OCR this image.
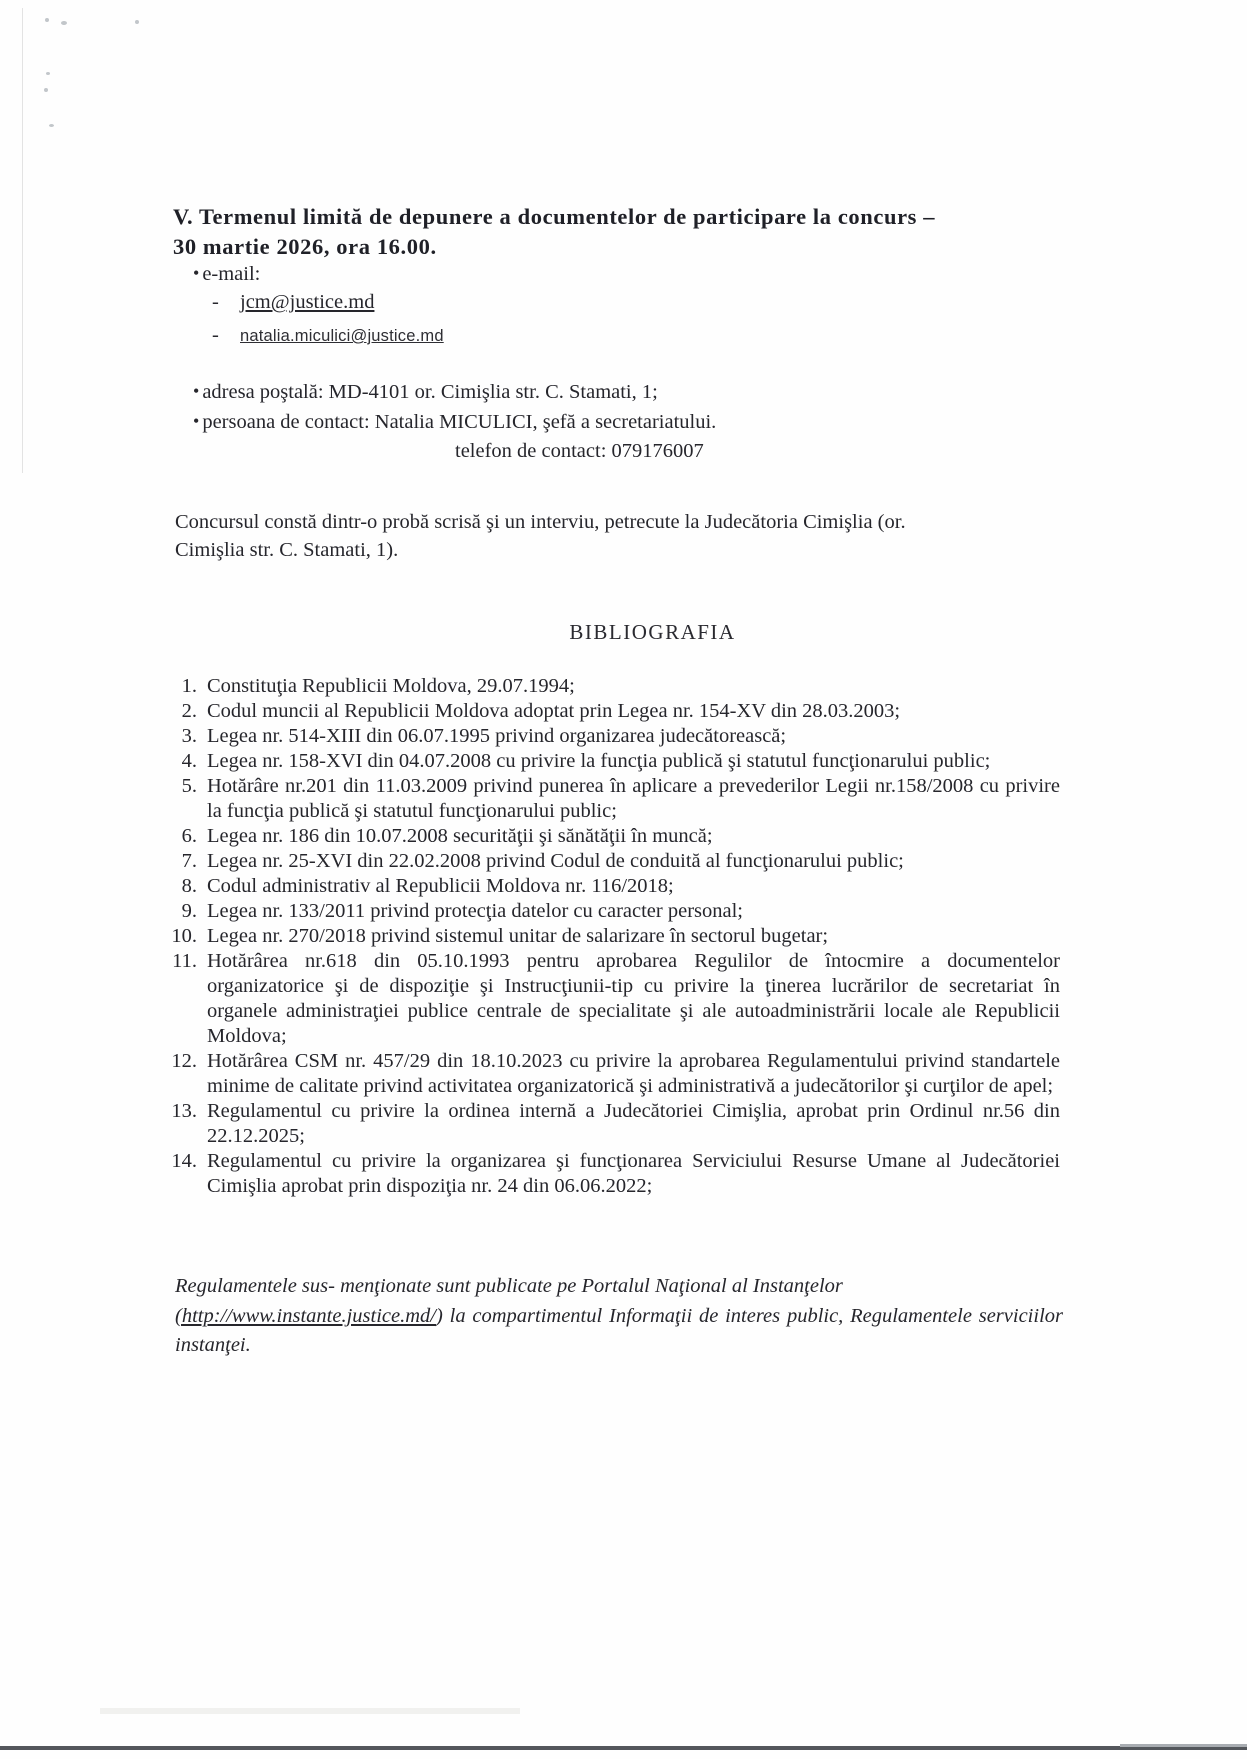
V. Termenul limită de depunere a documentelor de participare la concurs –
30 martie 2026, ora 16.00.
• e-mail:
- jcm@justice.md
- natalia.miculici@justice.md
• adresa poştală: MD-4101 or. Cimişlia str. C. Stamati, 1;
• persoana de contact: Natalia MICULICI, şefă a secretariatului.
telefon de contact: 079176007
Concursul constă dintr-o probă scrisă şi un interviu, petrecute la Judecătoria Cimişlia (or.
Cimişlia str. C. Stamati, 1).
BIBLIOGRAFIA
1. Constituţia Republicii Moldova, 29.07.1994;
2. Codul muncii al Republicii Moldova adoptat prin Legea nr. 154-XV din 28.03.2003;
3. Legea nr. 514-XIII din 06.07.1995 privind organizarea judecătorească;
4. Legea nr. 158-XVI din 04.07.2008 cu privire la funcţia publică şi statutul funcţionarului public;
5. Hotărâre nr.201 din 11.03.2009 privind punerea în aplicare a prevederilor Legii nr.158/2008 cu privire la funcţia publică şi statutul funcţionarului public;
6. Legea nr. 186 din 10.07.2008 securităţii şi sănătăţii în muncă;
7. Legea nr. 25-XVI din 22.02.2008 privind Codul de conduită al funcţionarului public;
8. Codul administrativ al Republicii Moldova nr. 116/2018;
9. Legea nr. 133/2011 privind protecţia datelor cu caracter personal;
10. Legea nr. 270/2018 privind sistemul unitar de salarizare în sectorul bugetar;
11. Hotărârea nr.618 din 05.10.1993 pentru aprobarea Regulilor de întocmire a documentelor organizatorice şi de dispoziţie şi Instrucţiunii-tip cu privire la ţinerea lucrărilor de secretariat în organele administraţiei publice centrale de specialitate şi ale autoadministrării locale ale Republicii Moldova;
12. Hotărârea CSM nr. 457/29 din 18.10.2023 cu privire la aprobarea Regulamentului privind standartele minime de calitate privind activitatea organizatorică şi administrativă a judecătorilor şi curţilor de apel;
13. Regulamentul cu privire la ordinea internă a Judecătoriei Cimişlia, aprobat prin Ordinul nr.56 din 22.12.2025;
14. Regulamentul cu privire la organizarea şi funcţionarea Serviciului Resurse Umane al Judecătoriei Cimişlia aprobat prin dispoziţia nr. 24 din 06.06.2022;
Regulamentele sus- menţionate sunt publicate pe Portalul Naţional al Instanţelor
(http://www.instante.justice.md/) la compartimentul Informaţii de interes public, Regulamentele serviciilor instanţei.
